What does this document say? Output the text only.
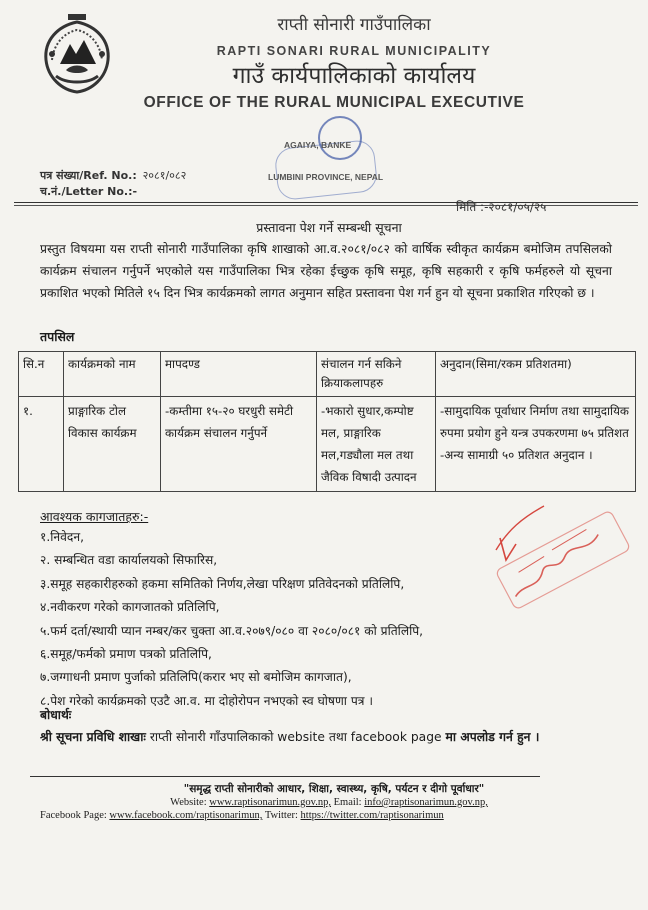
राप्ती सोनारी गाउँपालिका
RAPTI SONARI RURAL MUNICIPALITY
गाउँ कार्यपालिकाको कार्यालय
OFFICE OF THE RURAL MUNICIPAL EXECUTIVE
AGAIYA, BANKE
LUMBINI PROVINCE, NEPAL
पत्र संख्या/Ref. No.: २०८१/०८२
च.नं./Letter No.:-
मिति :-२०८१/०५/२५
प्रस्तावना पेश गर्ने सम्बन्धी सूचना
प्रस्तुत विषयमा यस राप्ती सोनारी गाउँपालिका कृषि शाखाको आ.व.२०८१/०८२ को वार्षिक स्वीकृत कार्यक्रम बमोजिम तपसिलको कार्यक्रम संचालन गर्नुपर्ने भएकोले यस गाउँपालिका भित्र रहेका ईच्छुक कृषि समूह, कृषि सहकारी र कृषि फर्महरुले यो सूचना प्रकाशित भएको मितिले १५ दिन भित्र कार्यक्रमको लागत अनुमान सहित प्रस्तावना पेश गर्न हुन यो सूचना प्रकाशित गरिएको छ ।
तपसिल
सि.न	कार्यक्रमको नाम	मापदण्ड	संचालन गर्न सकिने क्रियाकलापहरु	अनुदान(सिमा/रकम प्रतिशतमा)
१.	प्राङ्गारिक टोल विकास कार्यक्रम	-कम्तीमा १५-२० घरधुरी समेटी कार्यक्रम संचालन गर्नुपर्ने	-भकारो सुधार,कम्पोष्ट मल, प्राङ्गारिक मल,गड्यौला मल तथा जैविक विषादी उत्पादन	-सामुदायिक पूर्वाधार निर्माण तथा सामुदायिक रुपमा प्रयोग हुने यन्त्र उपकरणमा ७५ प्रतिशत -अन्य सामाग्री ५० प्रतिशत अनुदान ।
आवश्यक कागजातहरु:-
१.निवेदन,
२. सम्बन्धित वडा कार्यालयको सिफारिस,
३.समूह सहकारीहरुको हकमा समितिको निर्णय,लेखा परिक्षण प्रतिवेदनको प्रतिलिपि,
४.नवीकरण गरेको कागजातको प्रतिलिपि,
५.फर्म दर्ता/स्थायी प्यान नम्बर/कर चुक्ता आ.व.२०७९/०८० वा २०८०/०८१ को प्रतिलिपि,
६.समूह/फर्मको प्रमाण पत्रको प्रतिलिपि,
७.जग्गाधनी प्रमाण पुर्जाको प्रतिलिपि(करार भए सो बमोजिम कागजात),
८.पेश गरेको कार्यक्रमको एउटै आ.व. मा दोहोरोपन नभएको स्व घोषणा पत्र ।
बोधार्थः
श्री सूचना प्रविधि शाखाः राप्ती सोनारी गाँउपालिकाको website तथा facebook page मा अपलोड गर्न हुन ।
"समृद्ध राप्ती सोनारीको आधार, शिक्षा, स्वास्थ्य, कृषि, पर्यटन र दीगो पूर्वाधार"
Website: www.raptisonarimun.gov.np, Email: info@raptisonarimun.gov.np,
Facebook Page: www.facebook.com/raptisonarimun, Twitter: https://twitter.com/raptisonarimun
